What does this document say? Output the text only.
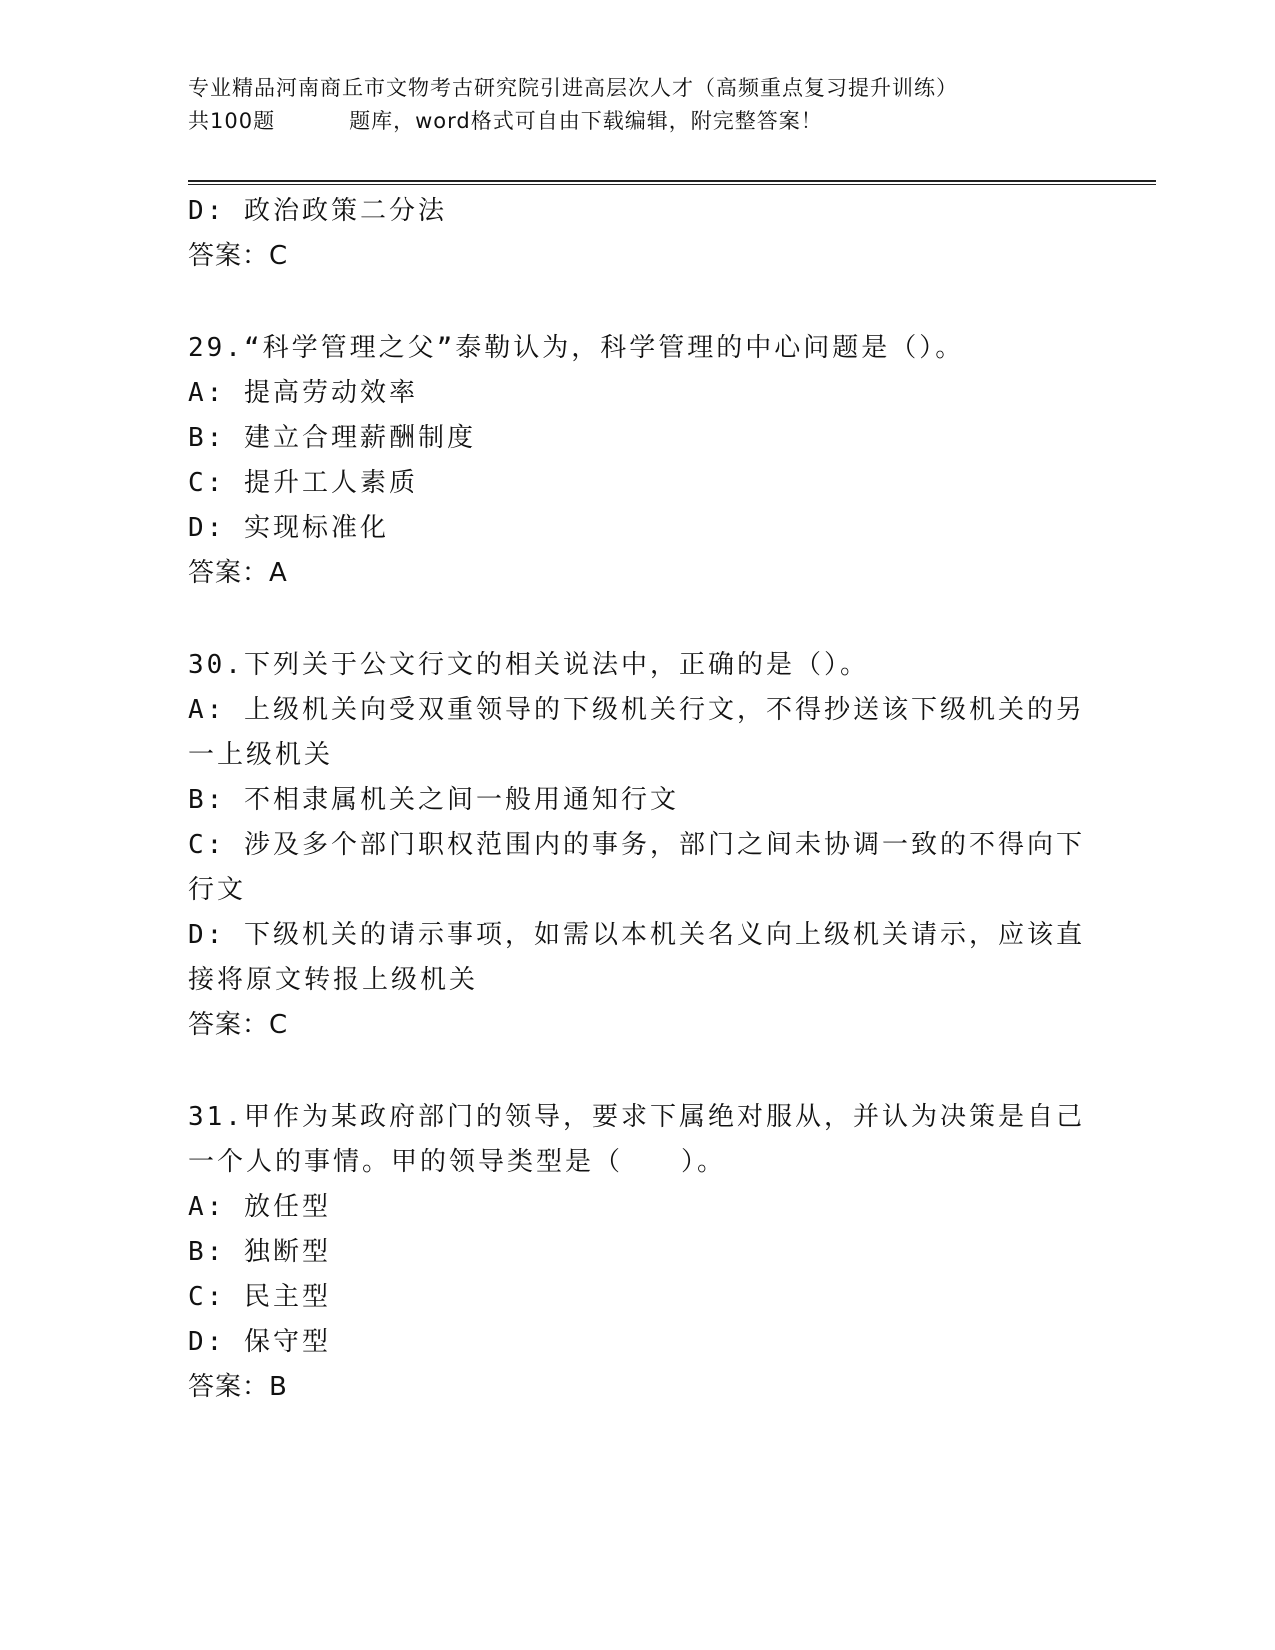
专业精品河南商丘市文物考古研究院引进高层次人才（高频重点复习提升训练）
共100题	题库，word格式可自由下载编辑，附完整答案！
D: 政治政策二分法
答案：C
29.“科学管理之父”泰勒认为，科学管理的中心问题是（）。
A: 提高劳动效率
B: 建立合理薪酬制度
C: 提升工人素质
D: 实现标准化
答案：A
30.下列关于公文行文的相关说法中，正确的是（）。
A: 上级机关向受双重领导的下级机关行文，不得抄送该下级机关的另
一上级机关
B: 不相隶属机关之间一般用通知行文
C: 涉及多个部门职权范围内的事务，部门之间未协调一致的不得向下
行文
D: 下级机关的请示事项，如需以本机关名义向上级机关请示，应该直
接将原文转报上级机关
答案：C
31.甲作为某政府部门的领导，要求下属绝对服从，并认为决策是自己
一个人的事情。甲的领导类型是（　　）。
A: 放任型
B: 独断型
C: 民主型
D: 保守型
答案：B
